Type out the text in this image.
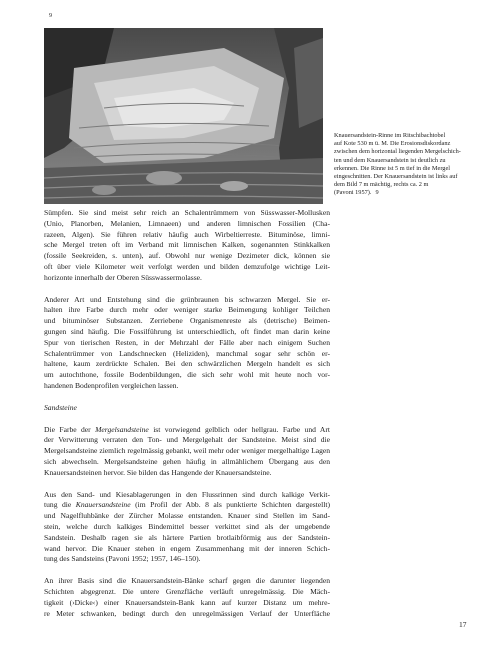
9
Knauersandstein-Rinne im Ritschibachtobel
auf Kote 530 m ü. M. Die Erosionsdiskordanz
zwischen dem horizontal liegenden Mergelschich-
ten und dem Knauersandstein ist deutlich zu
erkennen. Die Rinne ist 5 m tief in die Mergel
eingeschnitten. Der Knauersandstein ist links auf
dem Bild 7 m mächtig, rechts ca. 2 m
(Pavoni 1957). 9

Sümpfen. Sie sind meist sehr reich an Schalentrümmern von Süsswasser-Mollusken
(Unio, Planorben, Melanien, Limnaeen) und anderen limnischen Fossilien (Cha-
razeen, Algen). Sie führen relativ häufig auch Wirbeltierreste. Bituminöse, limni-
sche Mergel treten oft im Verband mit limnischen Kalken, sogenannten Stinkkalken
(fossile Seekreiden, s. unten), auf. Obwohl nur wenige Dezimeter dick, können sie
oft über viele Kilometer weit verfolgt werden und bilden demzufolge wichtige Leit-
horizonte innerhalb der Oberen Süsswassermolasse.

Anderer Art und Entstehung sind die grünbraunen bis schwarzen Mergel. Sie er-
halten ihre Farbe durch mehr oder weniger starke Beimengung kohliger Teilchen
und bituminöser Substanzen. Zerriebene Organismenreste als (detrische) Beimen-
gungen sind häufig. Die Fossilführung ist unterschiedlich, oft findet man darin keine
Spur von tierischen Resten, in der Mehrzahl der Fälle aber nach einigem Suchen
Schalentrümmer von Landschnecken (Heliziden), manchmal sogar sehr schön er-
haltene, kaum zerdrückte Schalen. Bei den schwärzlichen Mergeln handelt es sich
um autochthone, fossile Bodenbildungen, die sich sehr wohl mit heute noch vor-
handenen Bodenprofilen vergleichen lassen.

Sandsteine

Die Farbe der Mergelsandsteine ist vorwiegend gelblich oder hellgrau. Farbe und Art
der Verwitterung verraten den Ton- und Mergelgehalt der Sandsteine. Meist sind die
Mergelsandsteine ziemlich regelmässig gebankt, weil mehr oder weniger mergelhaltige Lagen
sich abwechseln. Mergelsandsteine gehen häufig in allmählichem Übergang aus den
Knauersandsteinen hervor. Sie bilden das Hangende der Knauersandsteine.

Aus den Sand- und Kiesablagerungen in den Flussrinnen sind durch kalkige Verkit-
tung die Knauersandsteine (im Profil der Abb. 8 als punktierte Schichten dargestellt)
und Nagelfluhbänke der Zürcher Molasse entstanden. Knauer sind Stellen im Sand-
stein, welche durch kalkiges Bindemittel besser verkittet sind als der umgebende
Sandstein. Deshalb ragen sie als härtere Partien brotlaibförmig aus der Sandstein-
wand hervor. Die Knauer stehen in engem Zusammenhang mit der inneren Schich-
tung des Sandsteins (Pavoni 1952; 1957, 146–150).

An ihrer Basis sind die Knauersandstein-Bänke scharf gegen die darunter liegenden
Schichten abgegrenzt. Die untere Grenzfläche verläuft unregelmässig. Die Mäch-
tigkeit (›Dicke‹) einer Knauersandstein-Bank kann auf kurzer Distanz um mehre-
re Meter schwanken, bedingt durch den unregelmässigen Verlauf der Unterfläche

17
